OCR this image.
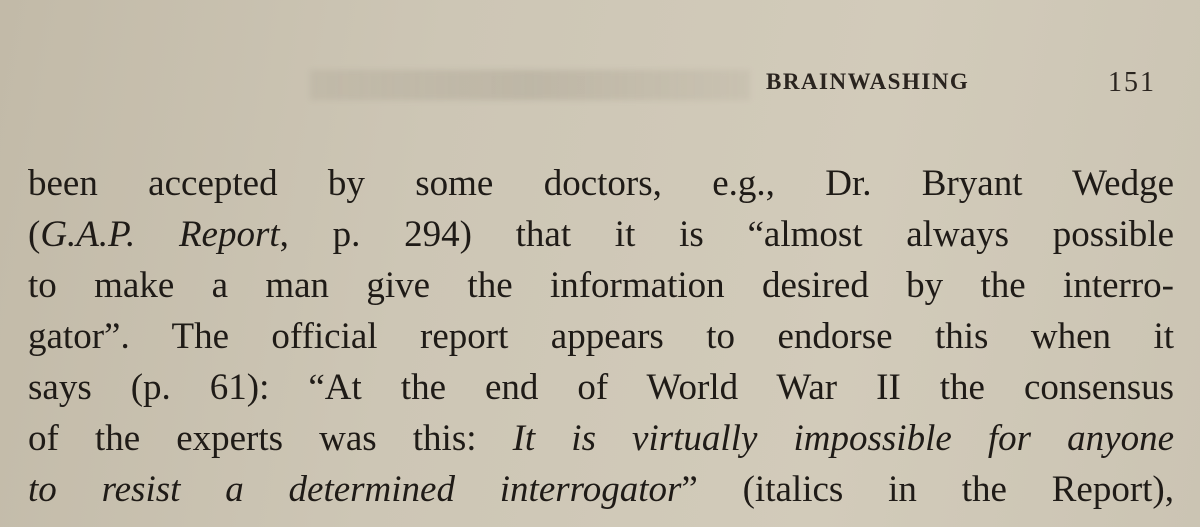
BRAINWASHING	151
been accepted by some doctors, e.g., Dr. Bryant Wedge
(G.A.P. Report, p. 294) that it is “almost always possible
to make a man give the information desired by the interro-
gator”. The official report appears to endorse this when it
says (p. 61): “At the end of World War II the consensus
of the experts was this: It is virtually impossible for anyone
to resist a determined interrogator” (italics in the Report),
